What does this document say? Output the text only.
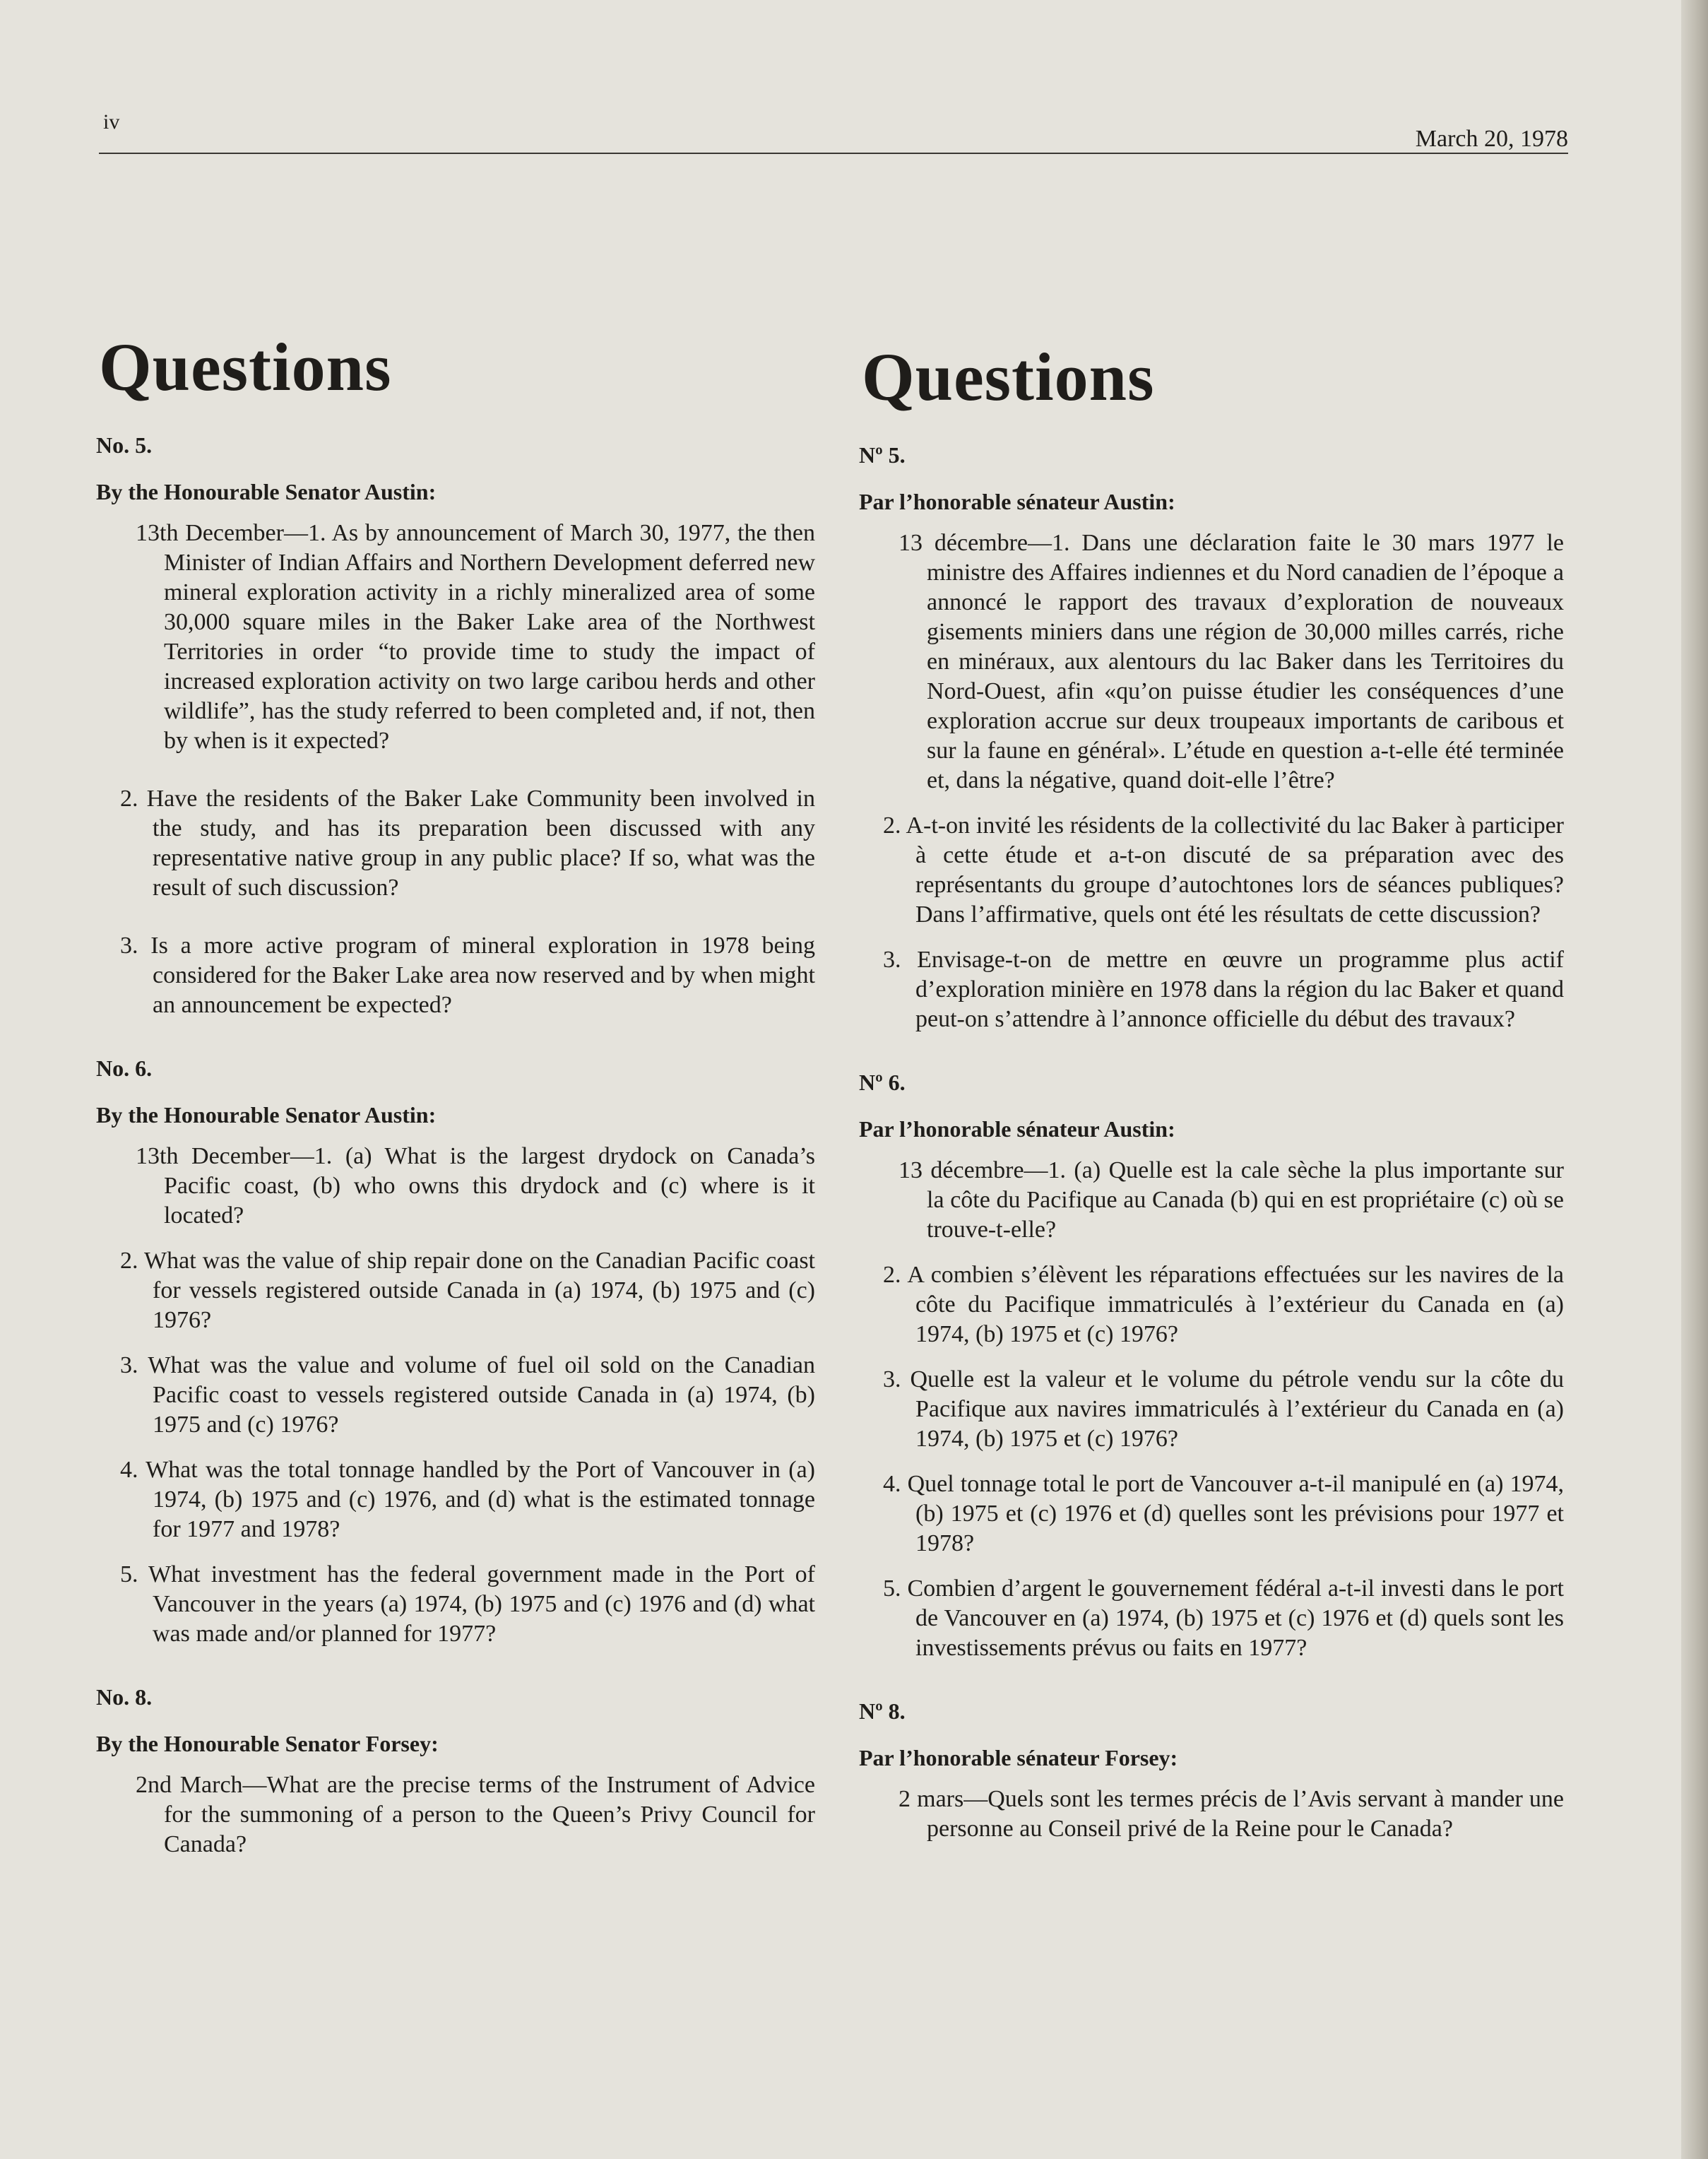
iv
March 20, 1978
Questions
No. 5.
By the Honourable Senator Austin:

13th December—1. As by announcement of March 30, 1977, the then Minister of Indian Affairs and Northern Development deferred new mineral exploration activity in a richly mineralized area of some 30,000 square miles in the Baker Lake area of the Northwest Territories in order “to provide time to study the impact of increased exploration activity on two large caribou herds and other wildlife”, has the study referred to been completed and, if not, then by when is it expected?

2. Have the residents of the Baker Lake Community been involved in the study, and has its preparation been discussed with any representative native group in any public place? If so, what was the result of such discussion?

3. Is a more active program of mineral exploration in 1978 being considered for the Baker Lake area now reserved and by when might an announcement be expected?

No. 6.
By the Honourable Senator Austin:

13th December—1. (a) What is the largest drydock on Canada’s Pacific coast, (b) who owns this drydock and (c) where is it located?

2. What was the value of ship repair done on the Canadian Pacific coast for vessels registered outside Canada in (a) 1974, (b) 1975 and (c) 1976?

3. What was the value and volume of fuel oil sold on the Canadian Pacific coast to vessels registered outside Canada in (a) 1974, (b) 1975 and (c) 1976?

4. What was the total tonnage handled by the Port of Vancouver in (a) 1974, (b) 1975 and (c) 1976, and (d) what is the estimated tonnage for 1977 and 1978?

5. What investment has the federal government made in the Port of Vancouver in the years (a) 1974, (b) 1975 and (c) 1976 and (d) what was made and/or planned for 1977?

No. 8.
By the Honourable Senator Forsey:

2nd March—What are the precise terms of the Instrument of Advice for the summoning of a person to the Queen’s Privy Council for Canada?

Questions
Nº 5.
Par l’honorable sénateur Austin:

13 décembre—1. Dans une déclaration faite le 30 mars 1977 le ministre des Affaires indiennes et du Nord canadien de l’époque a annoncé le rapport des travaux d’exploration de nouveaux gisements miniers dans une région de 30,000 milles carrés, riche en minéraux, aux alentours du lac Baker dans les Territoires du Nord-Ouest, afin «qu’on puisse étudier les conséquences d’une exploration accrue sur deux troupeaux importants de caribous et sur la faune en général». L’étude en question a-t-elle été terminée et, dans la négative, quand doit-elle l’être?

2. A-t-on invité les résidents de la collectivité du lac Baker à participer à cette étude et a-t-on discuté de sa préparation avec des représentants du groupe d’autochtones lors de séances publiques? Dans l’affirmative, quels ont été les résultats de cette discussion?

3. Envisage-t-on de mettre en œuvre un programme plus actif d’exploration minière en 1978 dans la région du lac Baker et quand peut-on s’attendre à l’annonce officielle du début des travaux?

Nº 6.
Par l’honorable sénateur Austin:

13 décembre—1. (a) Quelle est la cale sèche la plus importante sur la côte du Pacifique au Canada (b) qui en est propriétaire (c) où se trouve-t-elle?

2. A combien s’élèvent les réparations effectuées sur les navires de la côte du Pacifique immatriculés à l’extérieur du Canada en (a) 1974, (b) 1975 et (c) 1976?

3. Quelle est la valeur et le volume du pétrole vendu sur la côte du Pacifique aux navires immatriculés à l’extérieur du Canada en (a) 1974, (b) 1975 et (c) 1976?

4. Quel tonnage total le port de Vancouver a-t-il manipulé en (a) 1974, (b) 1975 et (c) 1976 et (d) quelles sont les prévisions pour 1977 et 1978?

5. Combien d’argent le gouvernement fédéral a-t-il investi dans le port de Vancouver en (a) 1974, (b) 1975 et (c) 1976 et (d) quels sont les investissements prévus ou faits en 1977?

Nº 8.
Par l’honorable sénateur Forsey:

2 mars—Quels sont les termes précis de l’Avis servant à mander une personne au Conseil privé de la Reine pour le Canada?
